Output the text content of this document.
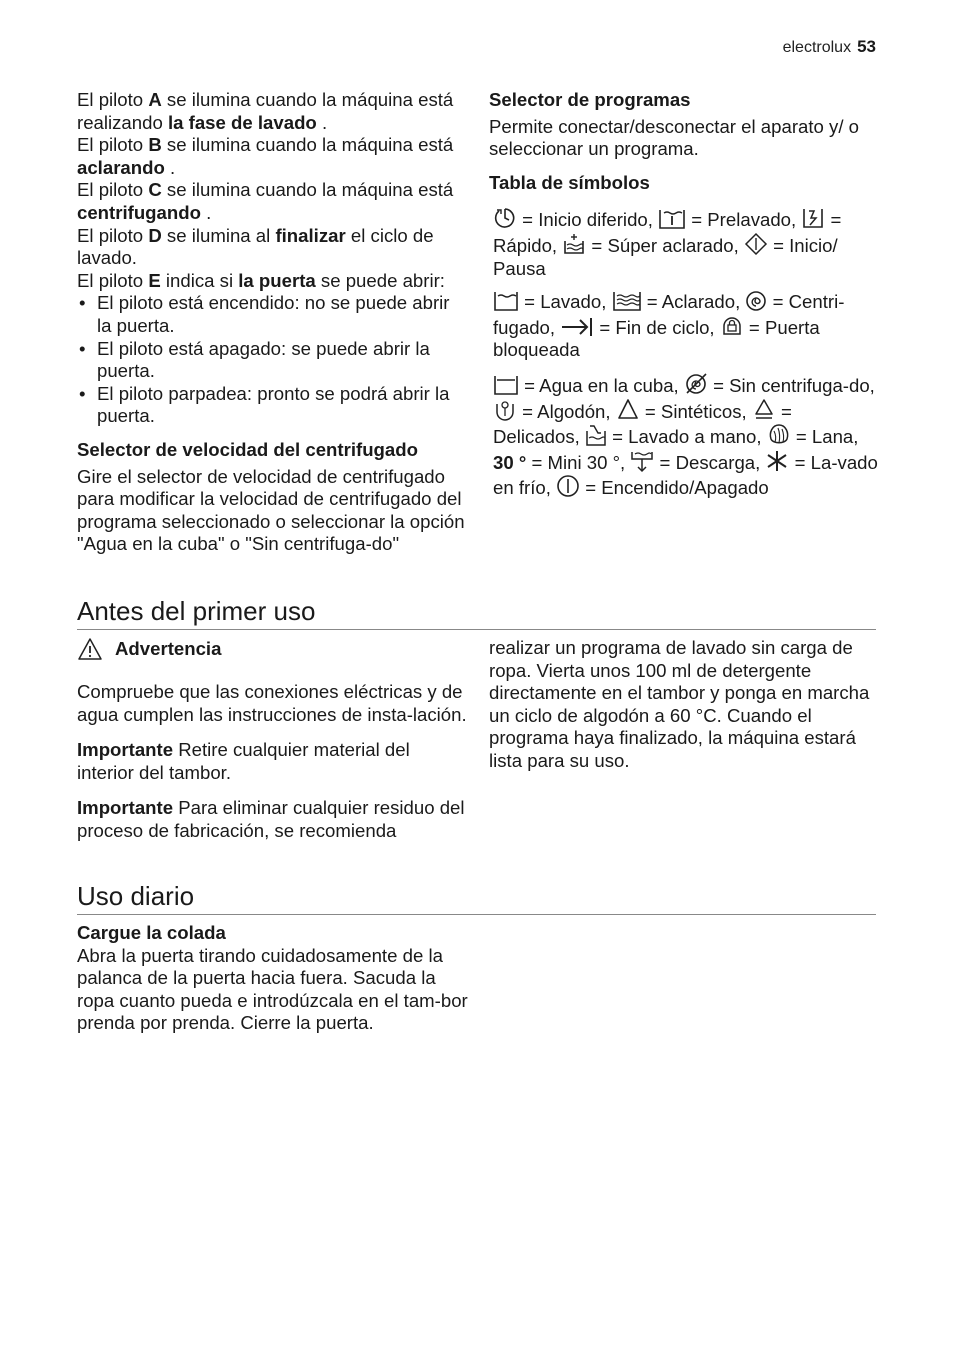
electrolux 53

El piloto A se ilumina cuando la máquina está realizando la fase de lavado .

El piloto B se ilumina cuando la máquina está aclarando .

El piloto C se ilumina cuando la máquina está centrifugando .

El piloto D se ilumina al finalizar el ciclo de lavado.

El piloto E indica si la puerta se puede abrir:

• El piloto está encendido: no se puede abrir la puerta.
• El piloto está apagado: se puede abrir la puerta.
• El piloto parpadea: pronto se podrá abrir la puerta.

Selector de velocidad del centrifugado

Gire el selector de velocidad de centrifugado para modificar la velocidad de centrifugado del programa seleccionado o seleccionar la opción "Agua en la cuba" o "Sin centrifuga-do"

Selector de programas

Permite conectar/desconectar el aparato y/ o seleccionar un programa.

Tabla de símbolos

= Inicio diferido,
= Prelavado,
= Rápido,
= Súper aclarado,
= Inicio/ Pausa

= Lavado,
= Aclarado,
= Centri-fugado,
= Fin de ciclo,
= Puerta bloqueada

= Agua en la cuba,
= Sin centrifuga-do,
= Algodón,
= Sintéticos,
= Delicados,
= Lavado a mano,
= Lana, 30 ° = Mini 30 °,
= Descarga,
= La-vado en frío,
= Encendido/Apagado

Antes del primer uso
Advertencia

Compruebe que las conexiones eléctricas y de agua cumplen las instrucciones de insta-lación.

Importante Retire cualquier material del interior del tambor.

Importante Para eliminar cualquier residuo del proceso de fabricación, se recomienda

realizar un programa de lavado sin carga de ropa. Vierta unos 100 ml de detergente directamente en el tambor y ponga en marcha un ciclo de algodón a 60 °C. Cuando el programa haya finalizado, la máquina estará lista para su uso.

Uso diario

Cargue la colada

Abra la puerta tirando cuidadosamente de la palanca de la puerta hacia fuera. Sacuda la ropa cuanto pueda e introdúzcala en el tam-bor prenda por prenda. Cierre la puerta.
